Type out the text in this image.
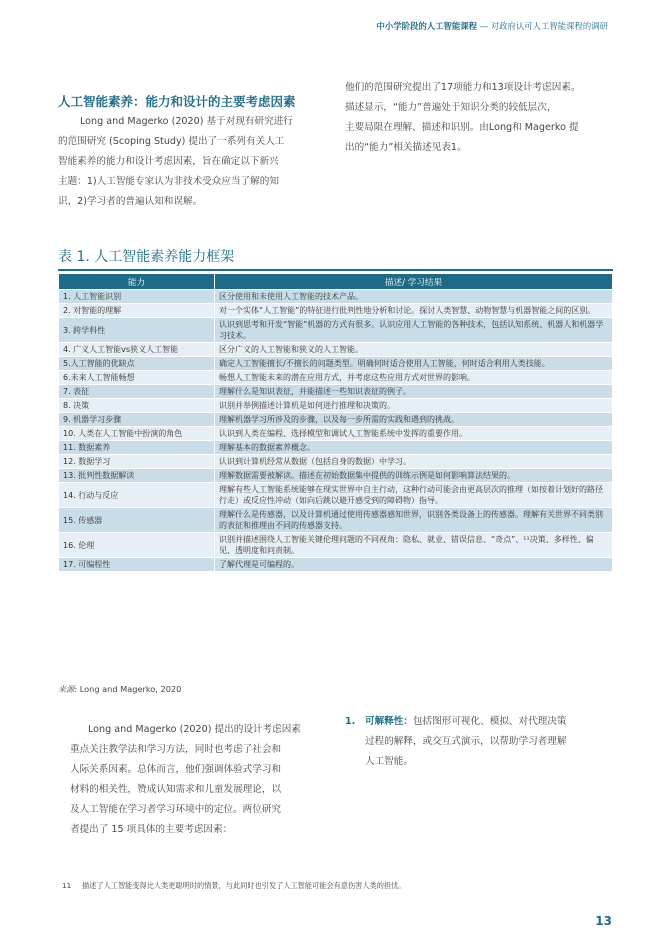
中小学阶段的人工智能课程 — 对政府认可人工智能课程的调研
人工智能素养：能力和设计的主要考虑因素
Long and Magerko (2020) 基于对现有研究进行
的范围研究 (Scoping Study) 提出了一系列有关人工
智能素养的能力和设计考虑因素，旨在确定以下新兴
主题：1)人工智能专家认为非技术受众应当了解的知
识，2)学习者的普遍认知和误解。
他们的范围研究提出了17项能力和13项设计考虑因素。
描述显示，“能力”普遍处于知识分类的较低层次，
主要局限在理解、描述和识别。由Long和 Magerko 提
出的“能力”相关描述见表1。
表 1. 人工智能素养能力框架
能力	描述/ 学习结果
1. 人工智能识别	区分使用和未使用人工智能的技术产品。
2. 对智能的理解	对一个实体“人工智能”的特征进行批判性地分析和讨论。探讨人类智慧、动物智慧与机器智能之间的区别。
3. 跨学科性	认识到思考和开发“智能”机器的方式有很多。认识应用人工智能的各种技术，包括认知系统、机器人和机器学习技术。
4. 广义人工智能vs狭义人工智能	区分广义的人工智能和狭义的人工智能。
5.人工智能的优缺点	确定人工智能擅长/不擅长的问题类型。明确何时适合使用人工智能，何时适合利用人类技能。
6.未来人工智能畅想	畅想人工智能未来的潜在应用方式，并考虑这些应用方式对世界的影响。
7. 表征	理解什么是知识表征，并能描述一些知识表征的例子。
8. 决策	识别并举例描述计算机是如何进行推理和决策的。
9. 机器学习步骤	理解机器学习所涉及的步骤，以及每一步所需的实践和遇到的挑战。
10. 人类在人工智能中扮演的角色	认识到人类在编程、选择模型和调试人工智能系统中发挥的重要作用。
11. 数据素养	理解基本的数据素养概念。
12. 数据学习	认识到计算机经常从数据（包括自身的数据）中学习。
13. 批判性数据解读	理解数据需要被解读。描述在初始数据集中提供的训练示例是如何影响算法结果的。
14. 行动与反应	理解有些人工智能系统能够在现实世界中自主行动，这种行动可能会由更高层次的推理（如按着计划好的路径行走）或反应性冲动（如向后跳以避开感受到的障碍物）指导。
15. 传感器	理解什么是传感器，以及计算机通过使用传感器感知世界，识别各类设备上的传感器。理解有关世界不同类别的表征和推理由不同的传感器支持。
16. 伦理	识别并描述围绕人工智能关键伦理问题的不同视角：隐私、就业、错误信息、“奇点”、¹¹决策、多样性、偏见、透明度和问责制。
17. 可编程性	了解代理是可编程的。
来源: Long and Magerko, 2020
Long and Magerko (2020) 提出的设计考虑因素
重点关注教学法和学习方法，同时也考虑了社会和
人际关系因素。总体而言，他们强调体验式学习和
材料的相关性，赞成认知需求和儿童发展理论，以
及人工智能在学习者学习环境中的定位。两位研究
者提出了 15 项具体的主要考虑因素：
1. 可解释性：包括图形可视化、模拟、对代理决策
过程的解释，或交互式演示，以帮助学习者理解
人工智能。
11 描述了人工智能变得比人类更聪明时的情景，与此同时也引发了人工智能可能会有意伤害人类的担忧。
13
